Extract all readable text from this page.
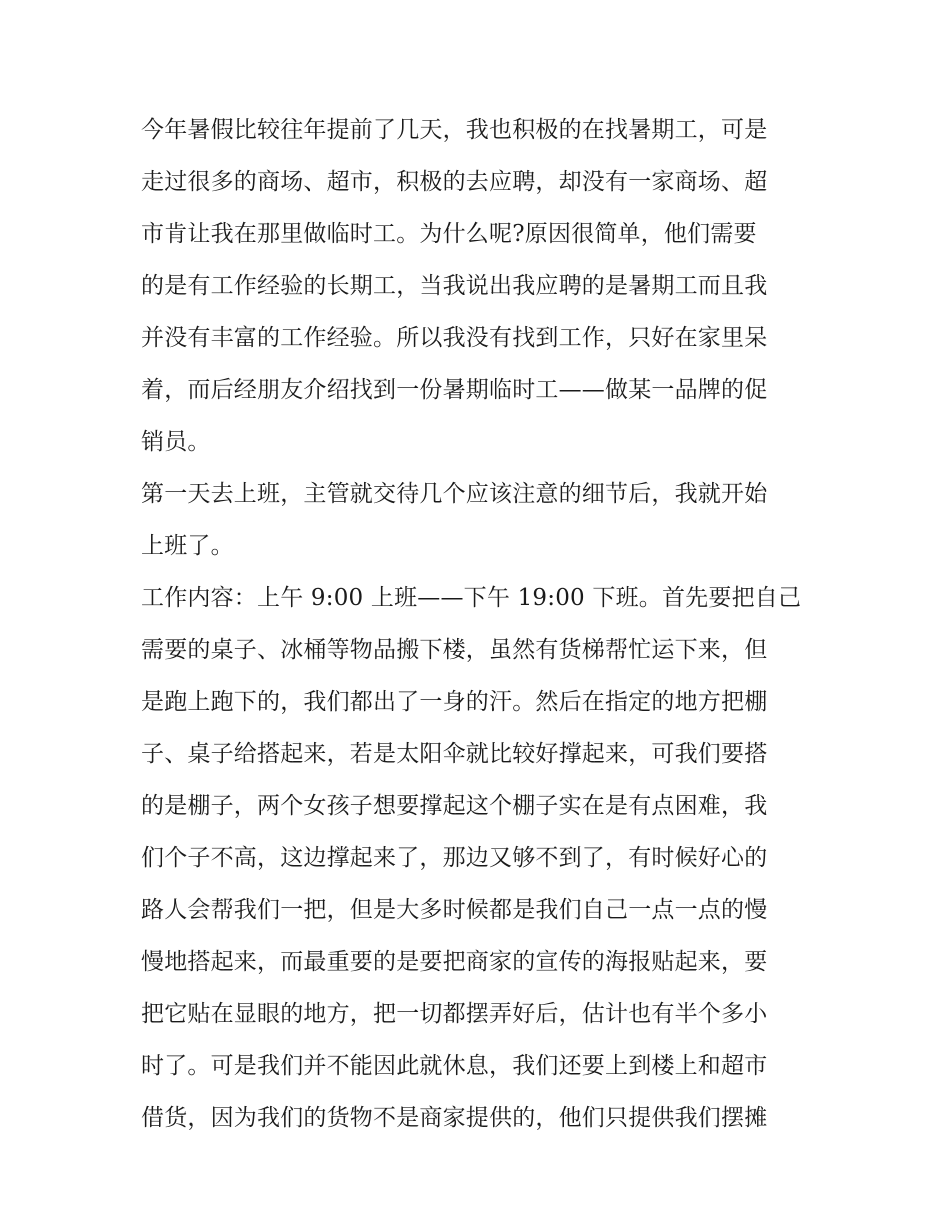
今年暑假比较往年提前了几天，我也积极的在找暑期工，可是
走过很多的商场、超市，积极的去应聘，却没有一家商场、超
市肯让我在那里做临时工。为什么呢?原因很简单，他们需要
的是有工作经验的长期工，当我说出我应聘的是暑期工而且我
并没有丰富的工作经验。所以我没有找到工作，只好在家里呆
着，而后经朋友介绍找到一份暑期临时工——做某一品牌的促
销员。

第一天去上班，主管就交待几个应该注意的细节后，我就开始
上班了。

工作内容：上午 9:00 上班——下午 19:00 下班。首先要把自己
需要的桌子、冰桶等物品搬下楼，虽然有货梯帮忙运下来，但
是跑上跑下的，我们都出了一身的汗。然后在指定的地方把棚
子、桌子给搭起来，若是太阳伞就比较好撑起来，可我们要搭
的是棚子，两个女孩子想要撑起这个棚子实在是有点困难，我
们个子不高，这边撑起来了，那边又够不到了，有时候好心的
路人会帮我们一把，但是大多时候都是我们自己一点一点的慢
慢地搭起来，而最重要的是要把商家的宣传的海报贴起来，要
把它贴在显眼的地方，把一切都摆弄好后，估计也有半个多小
时了。可是我们并不能因此就休息，我们还要上到楼上和超市
借货，因为我们的货物不是商家提供的，他们只提供我们摆摊
